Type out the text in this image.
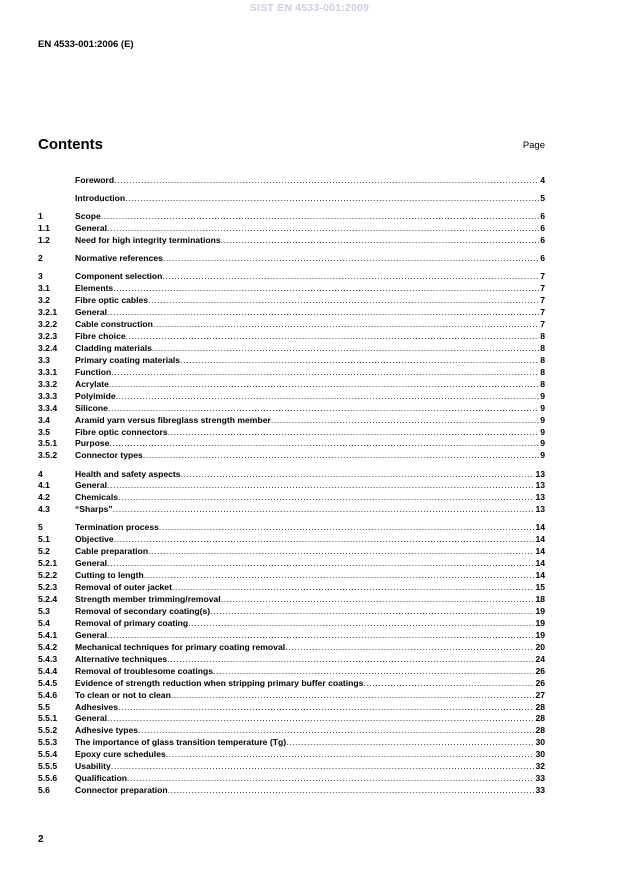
SIST EN 4533-001:2009
EN 4533-001:2006 (E)
Contents	Page
Foreword .....	4
Introduction .....	5
1	Scope .....	6
1.1	General .....	6
1.2	Need for high integrity terminations .....	6
2	Normative references .....	6
3	Component selection .....	7
3.1	Elements .....	7
3.2	Fibre optic cables .....	7
3.2.1	General .....	7
3.2.2	Cable construction .....	7
3.2.3	Fibre choice .....	8
3.2.4	Cladding materials .....	8
3.3	Primary coating materials .....	8
3.3.1	Function .....	8
3.3.2	Acrylate .....	8
3.3.3	Polyimide .....	9
3.3.4	Silicone .....	9
3.4	Aramid yarn versus fibreglass strength member .....	9
3.5	Fibre optic connectors .....	9
3.5.1	Purpose .....	9
3.5.2	Connector types .....	9
4	Health and safety aspects .....	13
4.1	General .....	13
4.2	Chemicals .....	13
4.3	“Sharps” .....	13
5	Termination process .....	14
5.1	Objective .....	14
5.2	Cable preparation .....	14
5.2.1	General .....	14
5.2.2	Cutting to length .....	14
5.2.3	Removal of outer jacket .....	15
5.2.4	Strength member trimming/removal .....	18
5.3	Removal of secondary coating(s) .....	19
5.4	Removal of primary coating .....	19
5.4.1	General .....	19
5.4.2	Mechanical techniques for primary coating removal .....	20
5.4.3	Alternative techniques .....	24
5.4.4	Removal of troublesome coatings .....	26
5.4.5	Evidence of strength reduction when stripping primary buffer coatings .....	26
5.4.6	To clean or not to clean .....	27
5.5	Adhesives .....	28
5.5.1	General .....	28
5.5.2	Adhesive types .....	28
5.5.3	The importance of glass transition temperature (Tg) .....	30
5.5.4	Epoxy cure schedules .....	30
5.5.5	Usability .....	32
5.5.6	Qualification .....	33
5.6	Connector preparation .....	33
2
